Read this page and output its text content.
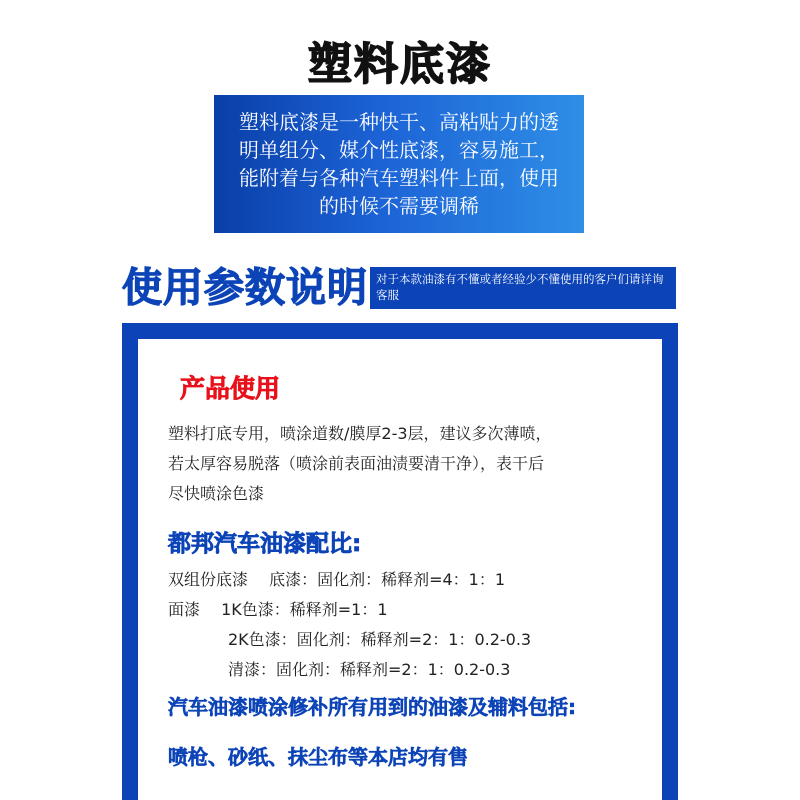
塑料底漆

塑料底漆是一种快干、高粘贴力的透
明单组分、媒介性底漆，容易施工，
能附着与各种汽车塑料件上面，使用
的时候不需要调稀

使用参数说明 对于本款油漆有不懂或者经验少不懂使用的客户们请详询客服
产品使用
塑料打底专用，喷涂道数/膜厚2-3层，建议多次薄喷，
若太厚容易脱落（喷涂前表面油渍要清干净），表干后
尽快喷涂色漆
都邦汽车油漆配比:
双组份底漆　 底漆：固化剂：稀释剂=4：1：1
面漆　 1K色漆：稀释剂=1：1
2K色漆：固化剂：稀释剂=2：1：0.2-0.3
清漆：固化剂：稀释剂=2：1：0.2-0.3
汽车油漆喷涂修补所有用到的油漆及辅料包括:
喷枪、砂纸、抹尘布等本店均有售
